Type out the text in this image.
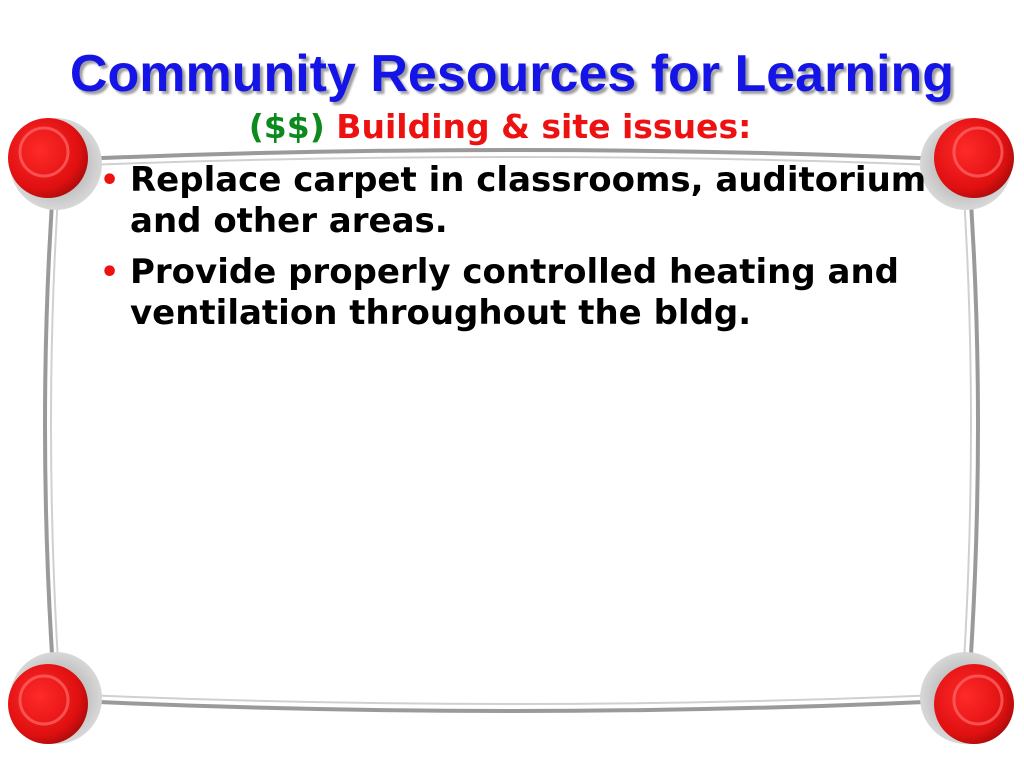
Community Resources for Learning
($$) Building & site issues:
• Replace carpet in classrooms, auditorium and other areas.
• Provide properly controlled heating and ventilation throughout the bldg.
